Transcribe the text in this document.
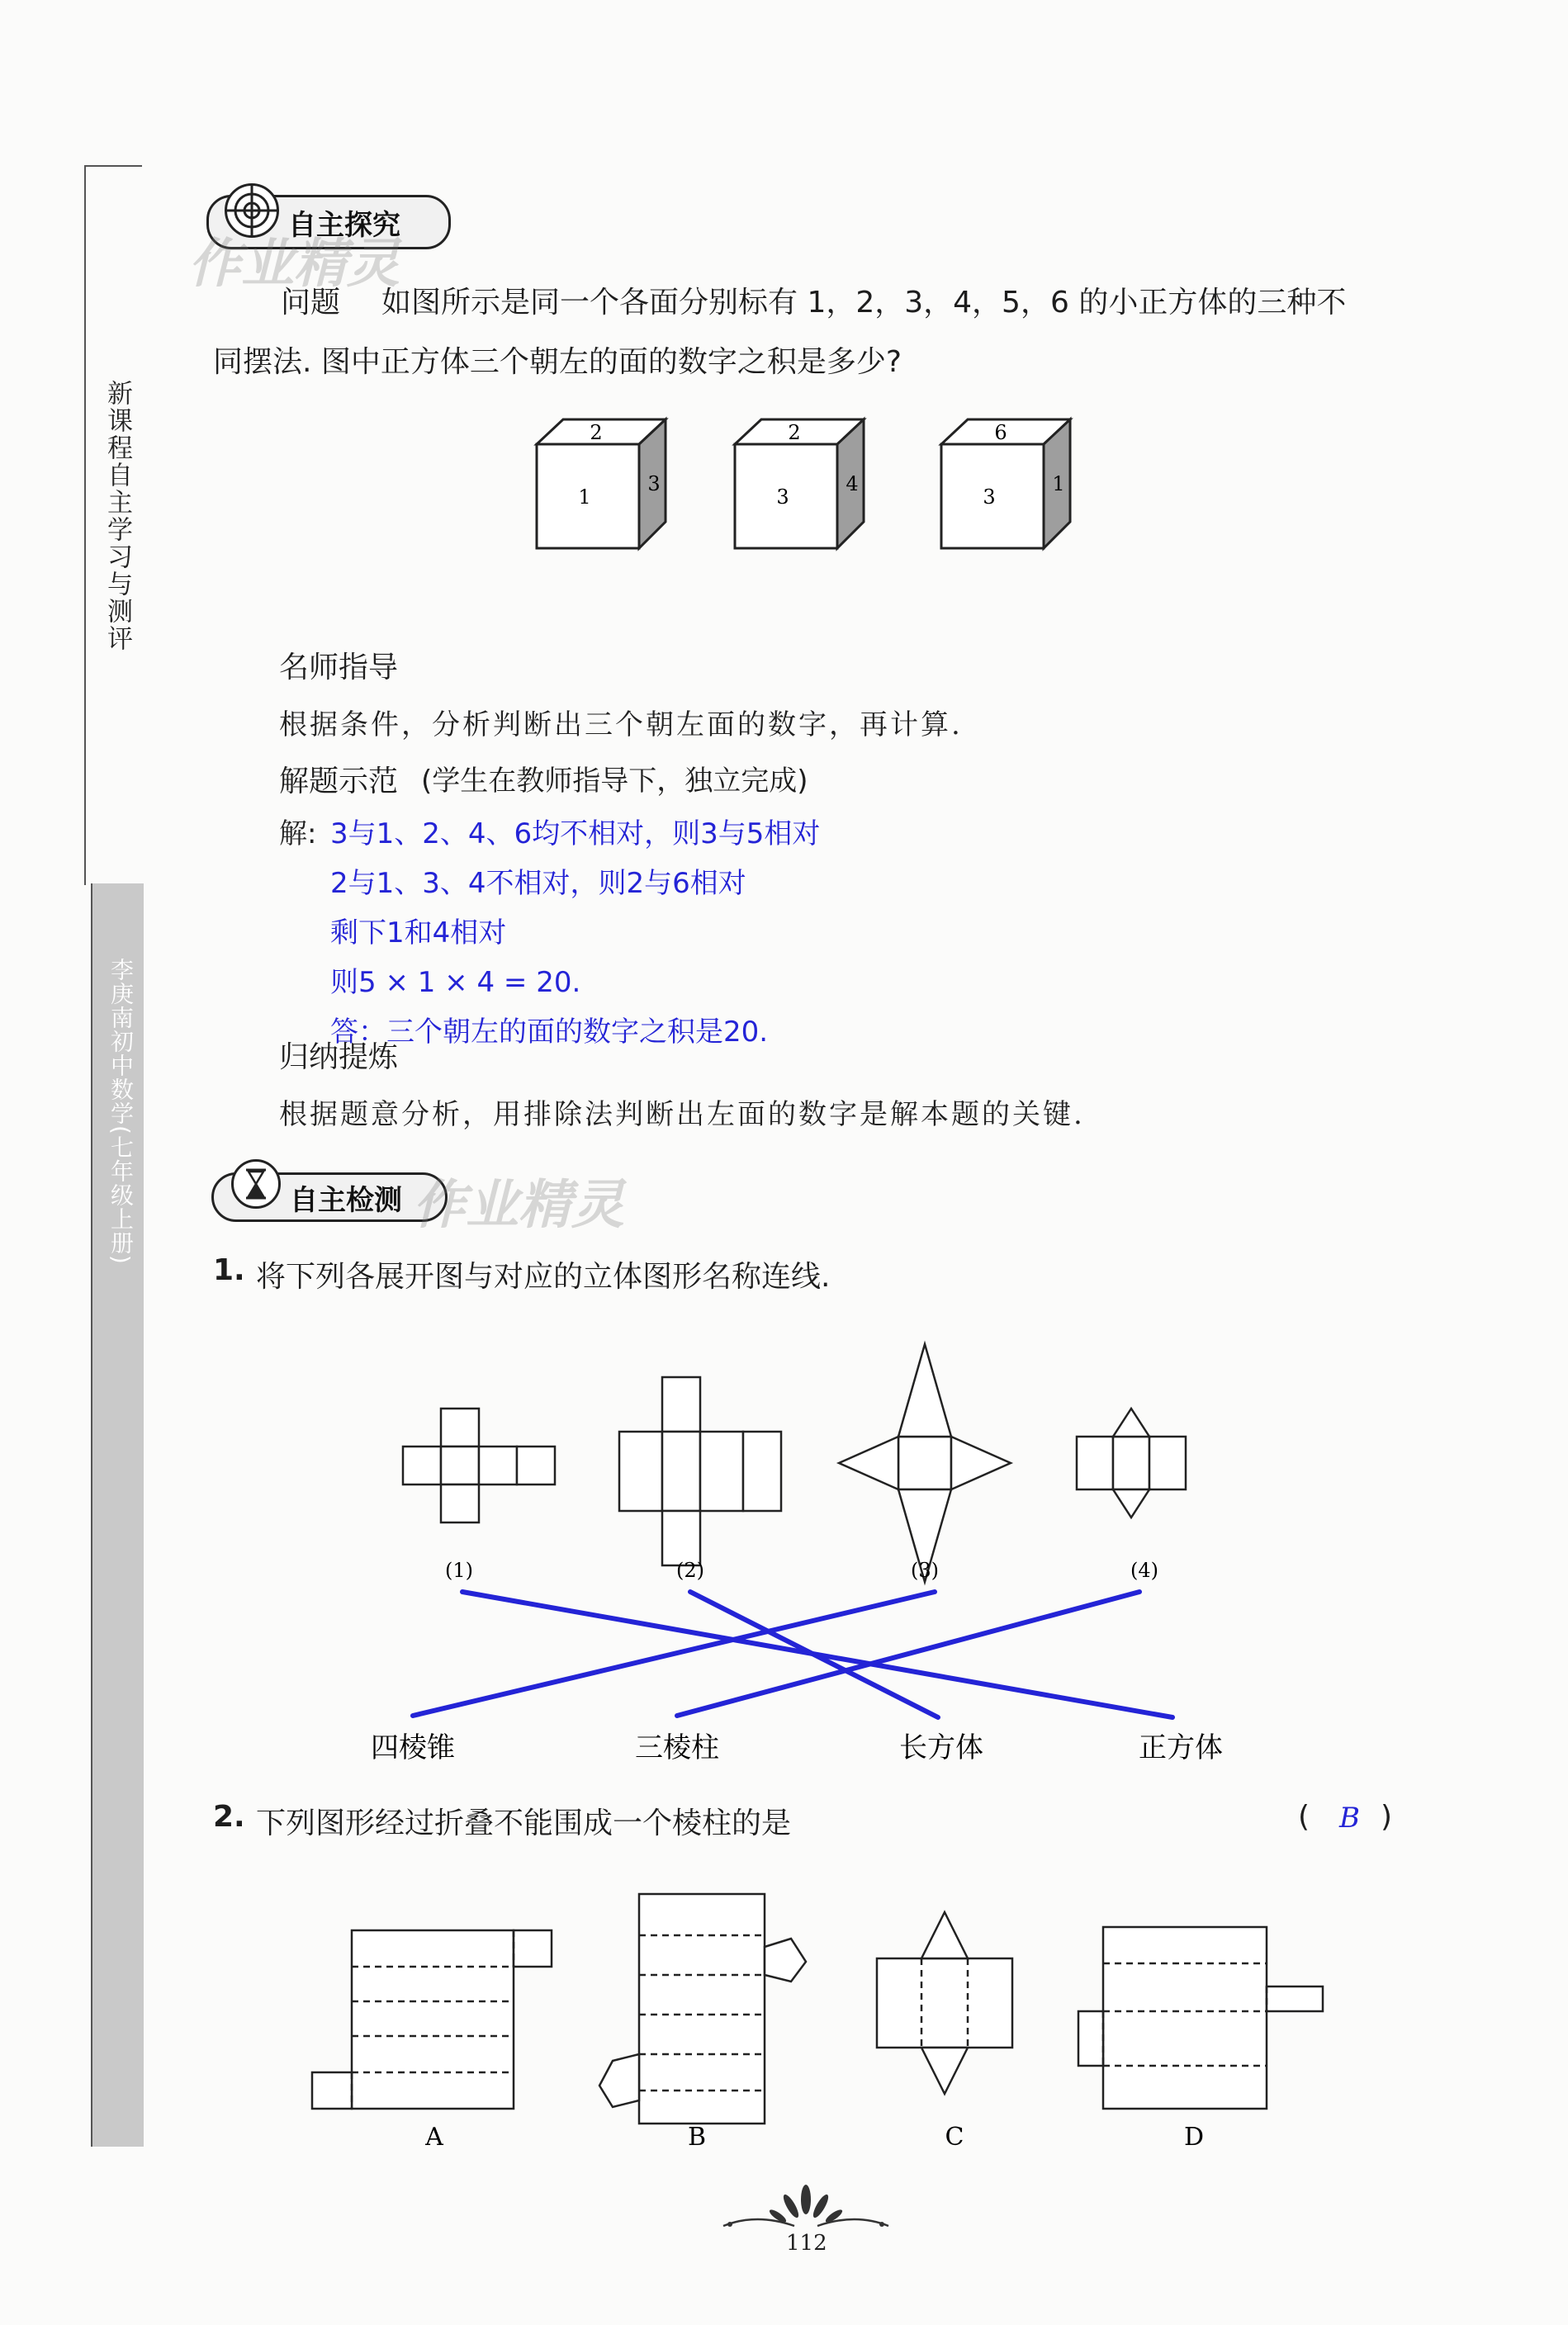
新课程自主学习与测评
李庚南初中数学(七年级上册)
自主探究
作业精灵
问题 如图所示是同一个各面分别标有 1，2，3，4，5，6 的小正方体的三种不
同摆法. 图中正方体三个朝左的面的数字之积是多少?
2
1
3
2
3
4
6
3
1
名师指导
根据条件，分析判断出三个朝左面的数字，再计算.
解题示范 (学生在教师指导下，独立完成)
解: 3与1、2、4、6均不相对，则3与5相对
2与1、3、4不相对，则2与6相对
剩下1和4相对
则5 × 1 × 4 = 20.
答：三个朝左的面的数字之积是20.
归纳提炼
根据题意分析，用排除法判断出左面的数字是解本题的关键.
自主检测 作业精灵
1. 将下列各展开图与对应的立体图形名称连线.
(1)	(2)	(3)	(4)
四棱锥	三棱柱	长方体	正方体
2. 下列图形经过折叠不能围成一个棱柱的是	( B )
A	B	C	D
112
